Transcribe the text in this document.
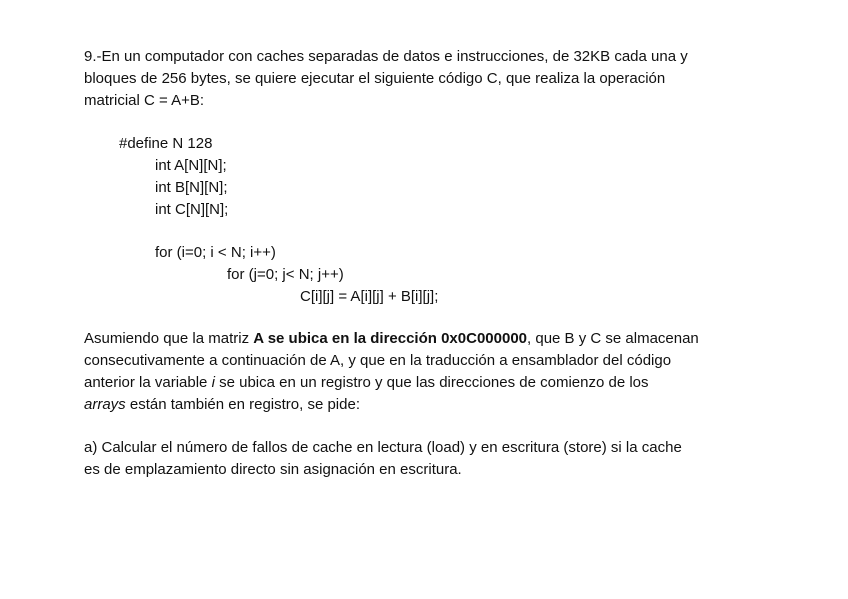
9.-En un computador con caches separadas de datos e instrucciones, de 32KB cada una y
bloques de 256 bytes, se quiere ejecutar el siguiente código C, que realiza la operación
matricial C = A+B:
#define N 128
int A[N][N];
int B[N][N];
int C[N][N];
for (i=0; i < N; i++)
for (j=0; j< N; j++)
C[i][j] = A[i][j] + B[i][j];
Asumiendo que la matriz A se ubica en la dirección 0x0C000000, que B y C se almacenan
consecutivamente a continuación de A, y que en la traducción a ensamblador del código
anterior la variable i se ubica en un registro y que las direcciones de comienzo de los
arrays están también en registro, se pide:
a) Calcular el número de fallos de cache en lectura (load) y en escritura (store) si la cache
es de emplazamiento directo sin asignación en escritura.
